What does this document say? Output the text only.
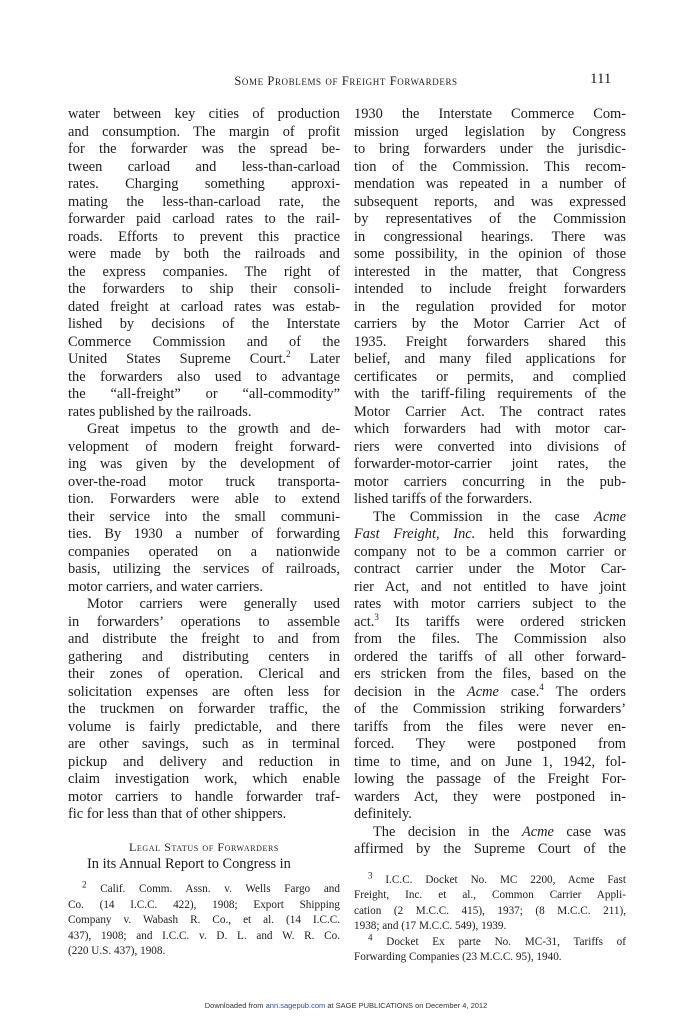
Some Problems of Freight Forwarders	111
water between key cities of production
and consumption. The margin of profit
for the forwarder was the spread be-
tween carload and less-than-carload
rates. Charging something approxi-
mating the less-than-carload rate, the
forwarder paid carload rates to the rail-
roads. Efforts to prevent this practice
were made by both the railroads and
the express companies. The right of
the forwarders to ship their consoli-
dated freight at carload rates was estab-
lished by decisions of the Interstate
Commerce Commission and of the
United States Supreme Court.$^2$ Later
the forwarders also used to advantage
the “all-freight” or “all-commodity”
rates published by the railroads.
Great impetus to the growth and de-
velopment of modern freight forward-
ing was given by the development of
over-the-road motor truck transporta-
tion. Forwarders were able to extend
their service into the small communi-
ties. By 1930 a number of forwarding
companies operated on a nationwide
basis, utilizing the services of railroads,
motor carriers, and water carriers.
Motor carriers were generally used
in forwarders’ operations to assemble
and distribute the freight to and from
gathering and distributing centers in
their zones of operation. Clerical and
solicitation expenses are often less for
the truckmen on forwarder traffic, the
volume is fairly predictable, and there
are other savings, such as in terminal
pickup and delivery and reduction in
claim investigation work, which enable
motor carriers to handle forwarder traf-
fic for less than that of other shippers.
Legal Status of Forwarders
In its Annual Report to Congress in
$^2$ Calif. Comm. Assn. v. Wells Fargo and
Co. (14 I.C.C. 422), 1908; Export Shipping
Company v. Wabash R. Co., et al. (14 I.C.C.
437), 1908; and I.C.C. v. D. L. and W. R. Co.
(220 U.S. 437), 1908.
1930 the Interstate Commerce Com-
mission urged legislation by Congress
to bring forwarders under the jurisdic-
tion of the Commission. This recom-
mendation was repeated in a number of
subsequent reports, and was expressed
by representatives of the Commission
in congressional hearings. There was
some possibility, in the opinion of those
interested in the matter, that Congress
intended to include freight forwarders
in the regulation provided for motor
carriers by the Motor Carrier Act of
1935. Freight forwarders shared this
belief, and many filed applications for
certificates or permits, and complied
with the tariff-filing requirements of the
Motor Carrier Act. The contract rates
which forwarders had with motor car-
riers were converted into divisions of
forwarder-motor-carrier joint rates, the
motor carriers concurring in the pub-
lished tariffs of the forwarders.
The Commission in the case Acme
Fast Freight, Inc. held this forwarding
company not to be a common carrier or
contract carrier under the Motor Car-
rier Act, and not entitled to have joint
rates with motor carriers subject to the
act.$^3$ Its tariffs were ordered stricken
from the files. The Commission also
ordered the tariffs of all other forward-
ers stricken from the files, based on the
decision in the Acme case.$^4$ The orders
of the Commission striking forwarders’
tariffs from the files were never en-
forced. They were postponed from
time to time, and on June 1, 1942, fol-
lowing the passage of the Freight For-
warders Act, they were postponed in-
definitely.
The decision in the Acme case was
affirmed by the Supreme Court of the
$^3$ I.C.C. Docket No. MC 2200, Acme Fast
Freight, Inc. et al., Common Carrier Appli-
cation (2 M.C.C. 415), 1937; (8 M.C.C. 211),
1938; and (17 M.C.C. 549), 1939.
$^4$ Docket Ex parte No. MC-31, Tariffs of
Forwarding Companies (23 M.C.C. 95), 1940.
Downloaded from ann.sagepub.com at SAGE PUBLICATIONS on December 4, 2012
